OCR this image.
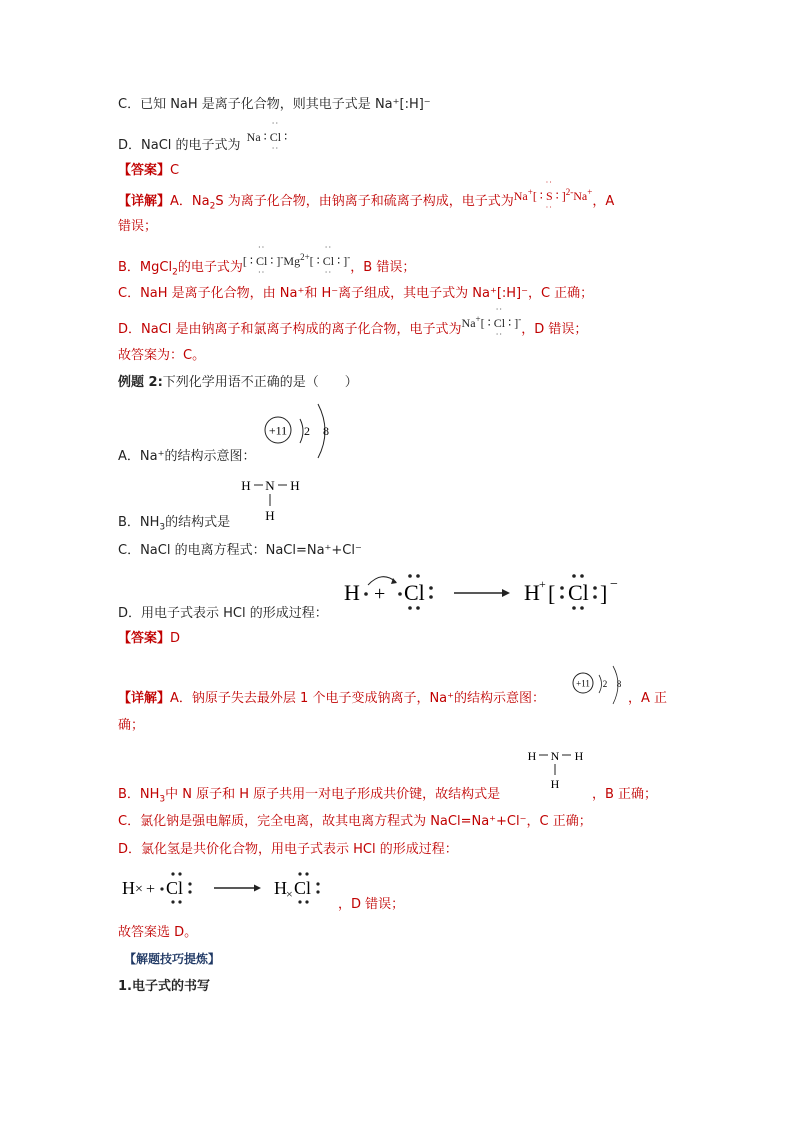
C．已知 NaH 是离子化合物，则其电子式是 Na⁺[:H]⁻
D．NaCl 的电子式为 Na ∶
··
Cl
··
∶
【答案】C
【详解】A．$Na_2S$ 为离子化合物，由钠离子和硫离子构成，电子式为Na+[ ∶
··
S
··
∶ ]$^{2-}$Na+，A
错误；
B．MgCl$_2$的电子式为[ ∶
··
Cl
··
∶ ]$^-Mg^{2+}$[ ∶
··
Cl
··
∶ ]-，B 错误；
C．NaH 是离子化合物，由 Na⁺和 H⁻离子组成，其电子式为 Na⁺[:H]⁻，C 正确；
D．NaCl 是由钠离子和氯离子构成的离子化合物，电子式为Na+[ ∶
··
Cl
··
∶ ]-，D 错误；
故答案为：C。
例题 2:下列化学用语不正确的是（　　）
+11 2 8
A．Na⁺的结构示意图：
H N H
H
B．$NH_3$的结构式是
C．NaCl 的电离方程式：NaCl=Na⁺+Cl⁻
H + Cl	H + [ Cl ] −
D．用电子式表示 HCl 的形成过程：
【答案】D
+11 2 8
【详解】A．钠原子失去最外层 1 个电子变成钠离子，Na⁺的结构示意图：	，A 正
确；
H N H
H
B．$NH_3$中 N 原子和 H 原子共用一对电子形成共价键，故结构式是	，B 正确；
C．氯化钠是强电解质，完全电离，故其电离方程式为 NaCl=Na⁺+Cl⁻，C 正确；
D．氯化氢是共价化合物，用电子式表示 HCl 的形成过程：
H × + Cl	H × Cl
，D 错误；
故答案选 D。
【解题技巧提炼】
1.电子式的书写
